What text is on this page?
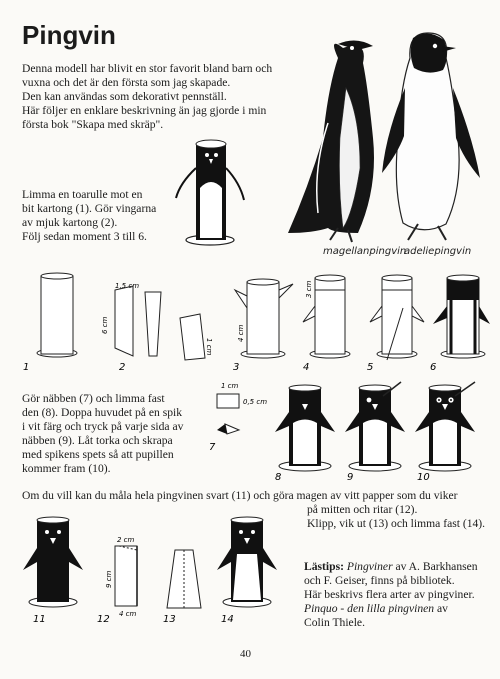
Pingvin

Denna modell har blivit en stor favorit bland barn och

vuxna och det är den första som jag skapade.

Den kan användas som dekorativt pennställ.

Här följer en enklare beskrivning än jag gjorde i min

första bok "Skapa med skräp".

Limma en toarulle mot en

bit kartong (1). Gör vingarna

av mjuk kartong (2).

Följ sedan moment 3 till 6.

magellanpingvin
adeliepingvin
1,5 cm
6 cm
1 cm
4 cm
3 cm
1	2	3	4	5	6

Gör näbben (7) och limma fast

den (8). Doppa huvudet på en spik

i vit färg och tryck på varje sida av

näbben (9). Låt torka och skrapa

med spikens spets så att pupillen

kommer fram (10).

1 cm
0,5 cm
7
8	9	10

Om du vill kan du måla hela pingvinen svart (11) och göra magen av vitt papper som du viker

på mitten och ritar (12).

Klipp, vik ut (13) och limma fast (14).

2 cm
9 cm
4 cm
11	12	13	14

Lästips: Pingviner av A. Barkhansen

och F. Geiser, finns på bibliotek.

Här beskrivs flera arter av pingviner.

Pinquo - den lilla pingvinen av

Colin Thiele.

40
